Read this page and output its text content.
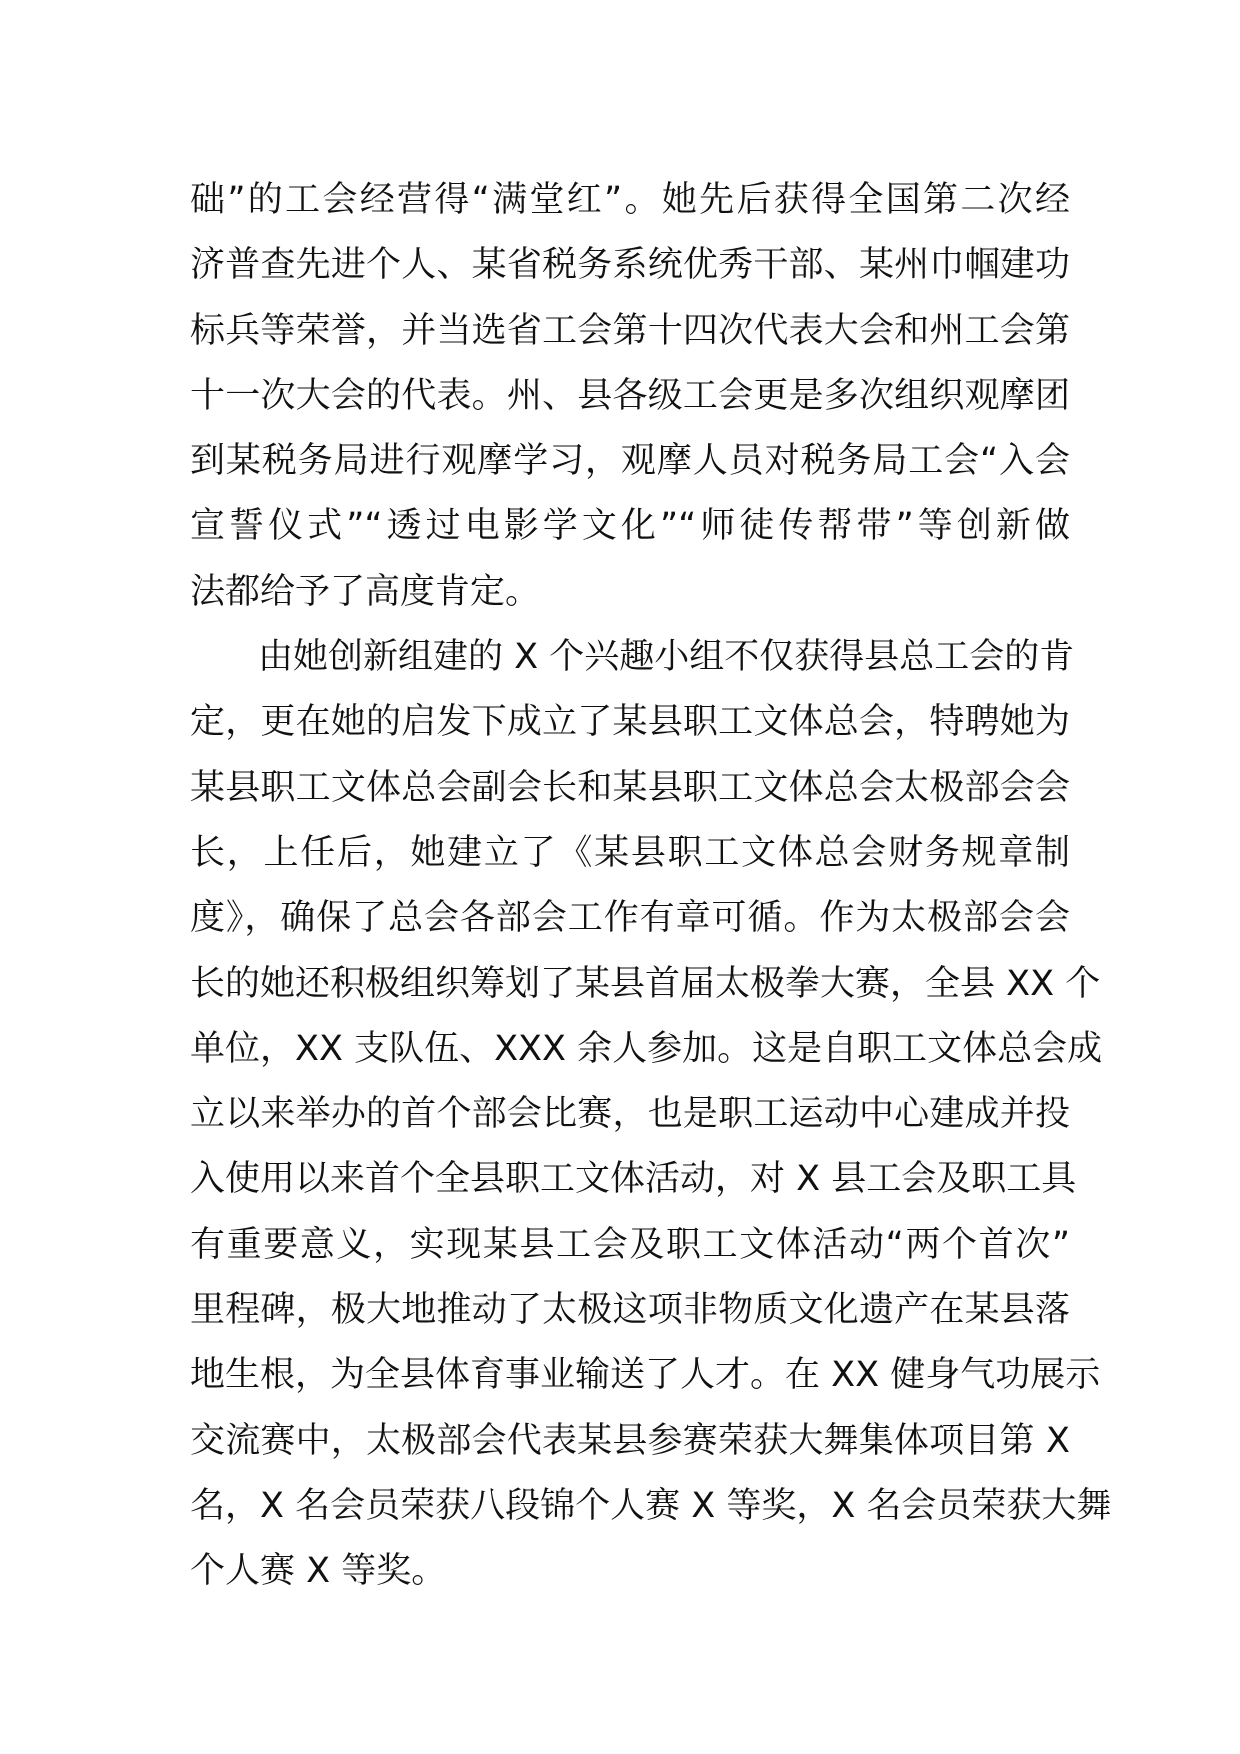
础”的工会经营得“满堂红”。她先后获得全国第二次经
济普查先进个人、某省税务系统优秀干部、某州巾帼建功
标兵等荣誉，并当选省工会第十四次代表大会和州工会第
十一次大会的代表。州、县各级工会更是多次组织观摩团
到某税务局进行观摩学习，观摩人员对税务局工会“入会
宣誓仪式”“透过电影学文化”“师徒传帮带”等创新做
法都给予了高度肯定。
由她创新组建的 X 个兴趣小组不仅获得县总工会的肯
定，更在她的启发下成立了某县职工文体总会，特聘她为
某县职工文体总会副会长和某县职工文体总会太极部会会
长，上任后，她建立了《某县职工文体总会财务规章制
度》，确保了总会各部会工作有章可循。作为太极部会会
长的她还积极组织筹划了某县首届太极拳大赛，全县 XX 个
单位，XX 支队伍、XXX 余人参加。这是自职工文体总会成
立以来举办的首个部会比赛，也是职工运动中心建成并投
入使用以来首个全县职工文体活动，对 X 县工会及职工具
有重要意义，实现某县工会及职工文体活动“两个首次”
里程碑，极大地推动了太极这项非物质文化遗产在某县落
地生根，为全县体育事业输送了人才。在 XX 健身气功展示
交流赛中，太极部会代表某县参赛荣获大舞集体项目第 X
名，X 名会员荣获八段锦个人赛 X 等奖，X 名会员荣获大舞
个人赛 X 等奖。
